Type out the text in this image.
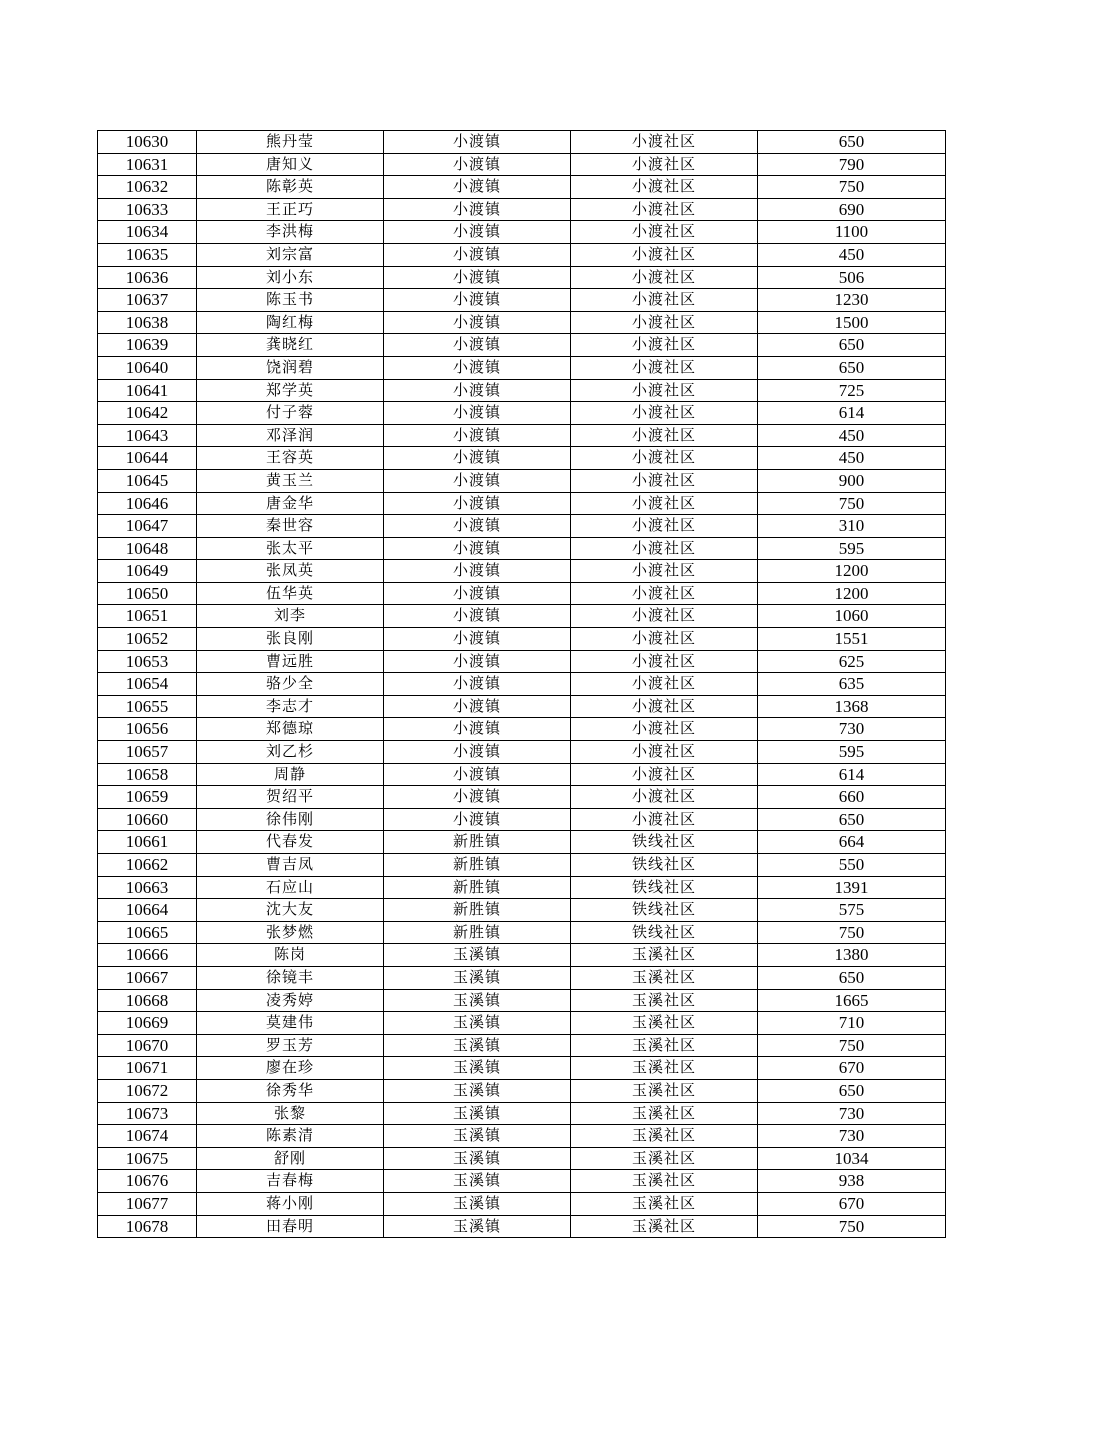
10630	熊丹莹	小渡镇	小渡社区	650
10631	唐知义	小渡镇	小渡社区	790
10632	陈彰英	小渡镇	小渡社区	750
10633	王正巧	小渡镇	小渡社区	690
10634	李洪梅	小渡镇	小渡社区	1100
10635	刘宗富	小渡镇	小渡社区	450
10636	刘小东	小渡镇	小渡社区	506
10637	陈玉书	小渡镇	小渡社区	1230
10638	陶红梅	小渡镇	小渡社区	1500
10639	龚晓红	小渡镇	小渡社区	650
10640	饶润碧	小渡镇	小渡社区	650
10641	郑学英	小渡镇	小渡社区	725
10642	付子蓉	小渡镇	小渡社区	614
10643	邓泽润	小渡镇	小渡社区	450
10644	王容英	小渡镇	小渡社区	450
10645	黄玉兰	小渡镇	小渡社区	900
10646	唐金华	小渡镇	小渡社区	750
10647	秦世容	小渡镇	小渡社区	310
10648	张太平	小渡镇	小渡社区	595
10649	张凤英	小渡镇	小渡社区	1200
10650	伍华英	小渡镇	小渡社区	1200
10651	刘李	小渡镇	小渡社区	1060
10652	张良刚	小渡镇	小渡社区	1551
10653	曹远胜	小渡镇	小渡社区	625
10654	骆少全	小渡镇	小渡社区	635
10655	李志才	小渡镇	小渡社区	1368
10656	郑德琼	小渡镇	小渡社区	730
10657	刘乙杉	小渡镇	小渡社区	595
10658	周静	小渡镇	小渡社区	614
10659	贺绍平	小渡镇	小渡社区	660
10660	徐伟刚	小渡镇	小渡社区	650
10661	代春发	新胜镇	铁线社区	664
10662	曹吉凤	新胜镇	铁线社区	550
10663	石应山	新胜镇	铁线社区	1391
10664	沈大友	新胜镇	铁线社区	575
10665	张梦燃	新胜镇	铁线社区	750
10666	陈岗	玉溪镇	玉溪社区	1380
10667	徐镜丰	玉溪镇	玉溪社区	650
10668	凌秀婷	玉溪镇	玉溪社区	1665
10669	莫建伟	玉溪镇	玉溪社区	710
10670	罗玉芳	玉溪镇	玉溪社区	750
10671	廖在珍	玉溪镇	玉溪社区	670
10672	徐秀华	玉溪镇	玉溪社区	650
10673	张黎	玉溪镇	玉溪社区	730
10674	陈素清	玉溪镇	玉溪社区	730
10675	舒刚	玉溪镇	玉溪社区	1034
10676	吉春梅	玉溪镇	玉溪社区	938
10677	蒋小刚	玉溪镇	玉溪社区	670
10678	田春明	玉溪镇	玉溪社区	750
